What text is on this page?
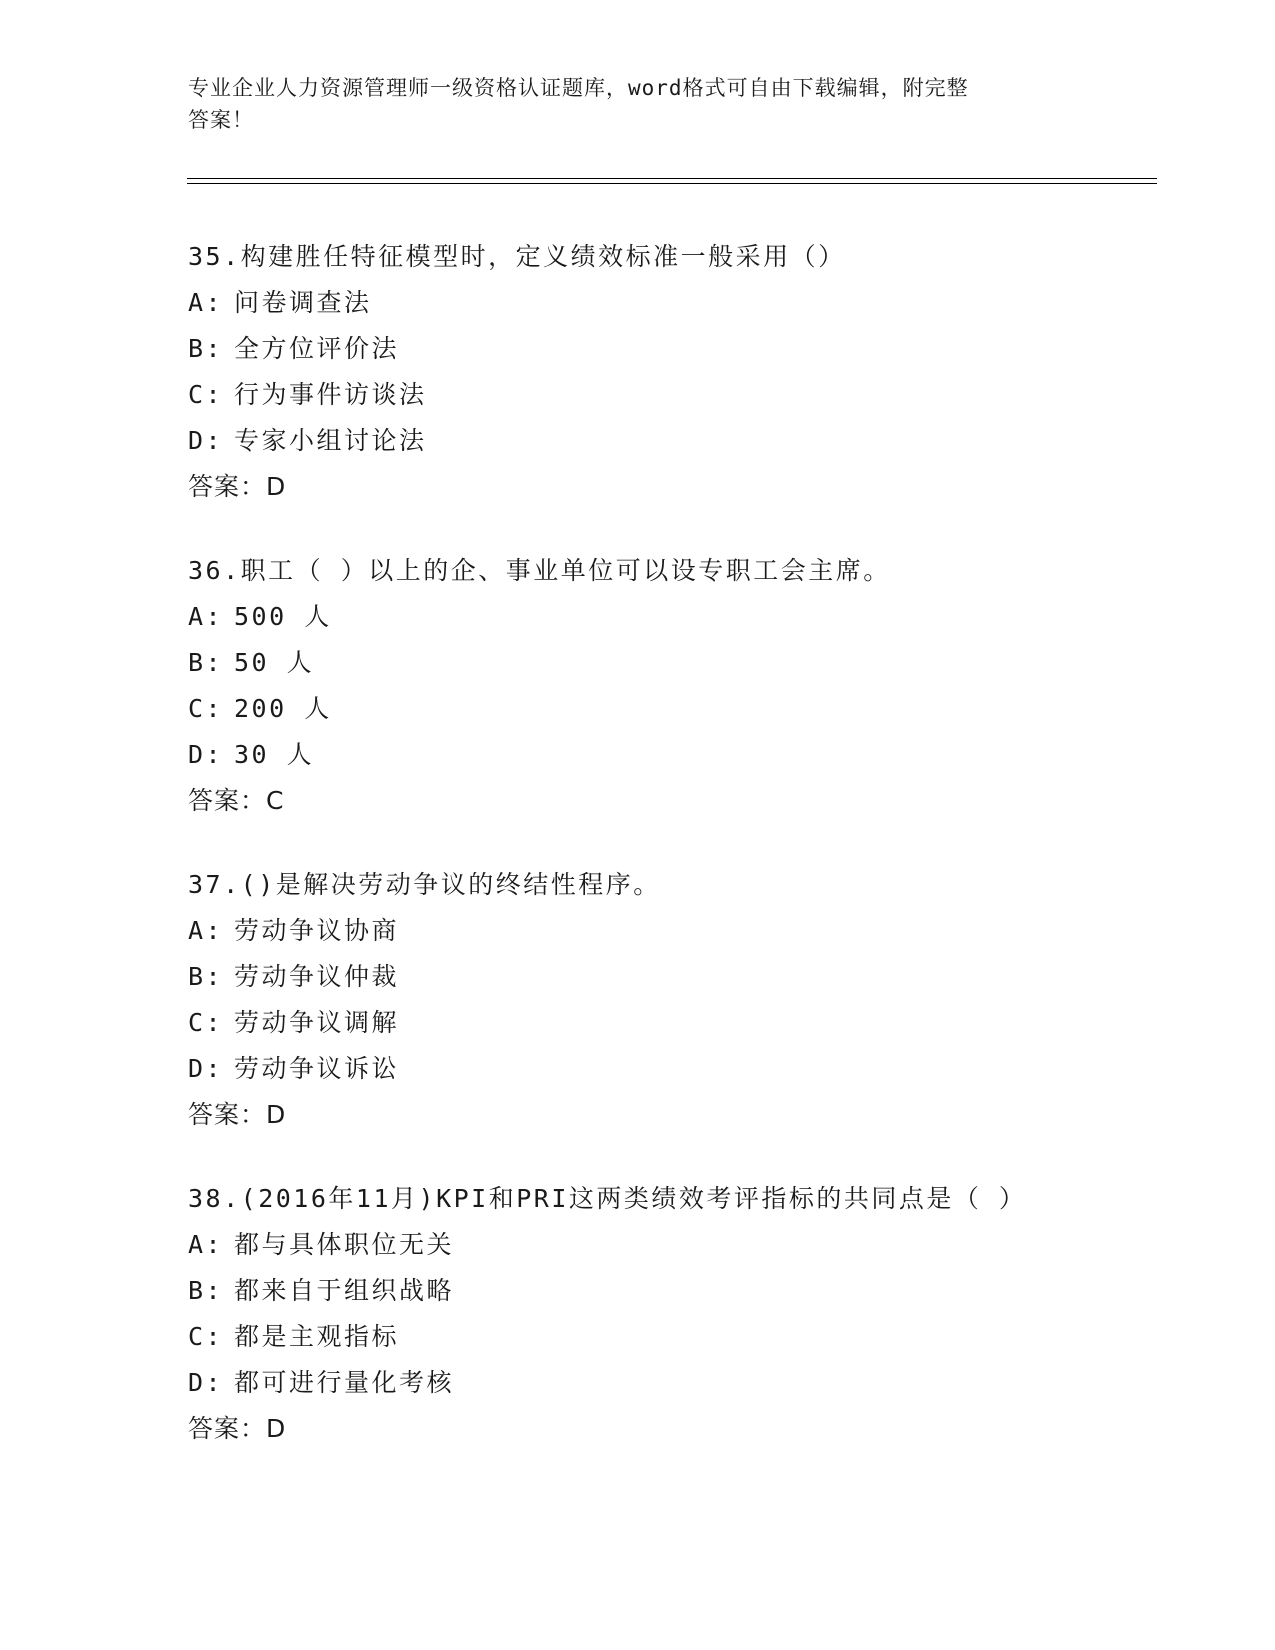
专业企业人力资源管理师一级资格认证题库，word格式可自由下载编辑，附完整
答案！
35.构建胜任特征模型时，定义绩效标准一般采用（）
A: 问卷调查法
B: 全方位评价法
C: 行为事件访谈法
D: 专家小组讨论法
答案：D
36.职工（ ）以上的企、事业单位可以设专职工会主席。
A: 500 人
B: 50 人
C: 200 人
D: 30 人
答案：C
37.()是解决劳动争议的终结性程序。
A: 劳动争议协商
B: 劳动争议仲裁
C: 劳动争议调解
D: 劳动争议诉讼
答案：D
38.(2016年11月)KPI和PRI这两类绩效考评指标的共同点是（ ）
A: 都与具体职位无关
B: 都来自于组织战略
C: 都是主观指标
D: 都可进行量化考核
答案：D
